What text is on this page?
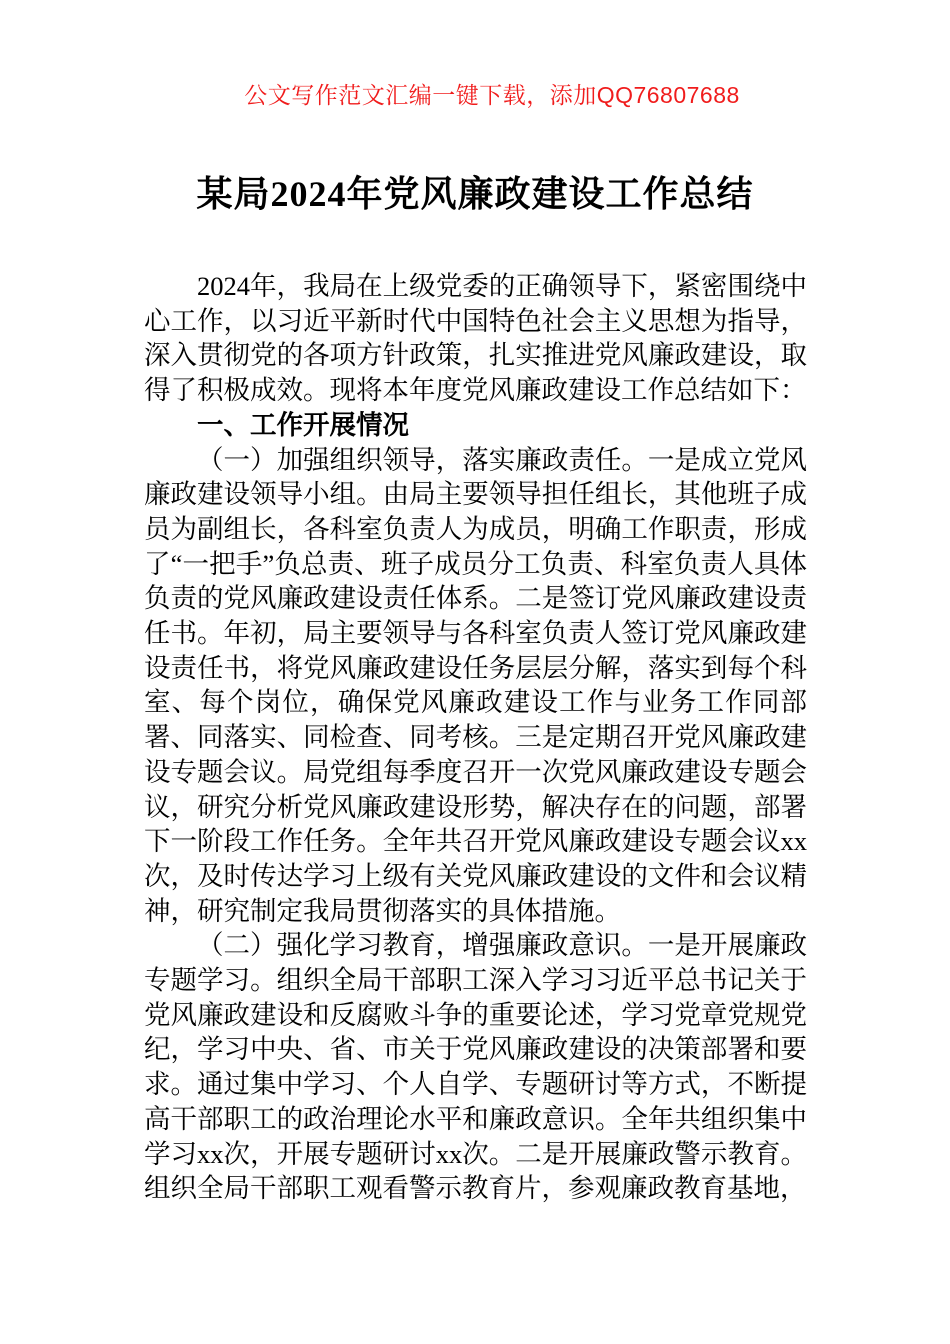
公文写作范文汇编一键下载，添加QQ76807688
某局2024年党风廉政建设工作总结

2024年，我局在上级党委的正确领导下，紧密围绕中心工作，以习近平新时代中国特色社会主义思想为指导，深入贯彻党的各项方针政策，扎实推进党风廉政建设，取得了积极成效。现将本年度党风廉政建设工作总结如下：

一、工作开展情况

（一）加强组织领导，落实廉政责任。一是成立党风廉政建设领导小组。由局主要领导担任组长，其他班子成员为副组长，各科室负责人为成员，明确工作职责，形成了“一把手”负总责、班子成员分工负责、科室负责人具体负责的党风廉政建设责任体系。二是签订党风廉政建设责任书。年初，局主要领导与各科室负责人签订党风廉政建设责任书，将党风廉政建设任务层层分解，落实到每个科室、每个岗位，确保党风廉政建设工作与业务工作同部署、同落实、同检查、同考核。三是定期召开党风廉政建设专题会议。局党组每季度召开一次党风廉政建设专题会议，研究分析党风廉政建设形势，解决存在的问题，部署下一阶段工作任务。全年共召开党风廉政建设专题会议xx次，及时传达学习上级有关党风廉政建设的文件和会议精神，研究制定我局贯彻落实的具体措施。

（二）强化学习教育，增强廉政意识。一是开展廉政专题学习。组织全局干部职工深入学习习近平总书记关于党风廉政建设和反腐败斗争的重要论述，学习党章党规党纪，学习中央、省、市关于党风廉政建设的决策部署和要求。通过集中学习、个人自学、专题研讨等方式，不断提高干部职工的政治理论水平和廉政意识。全年共组织集中学习xx次，开展专题研讨xx次。二是开展廉政警示教育。组织全局干部职工观看警示教育片，参观廉政教育基地，
